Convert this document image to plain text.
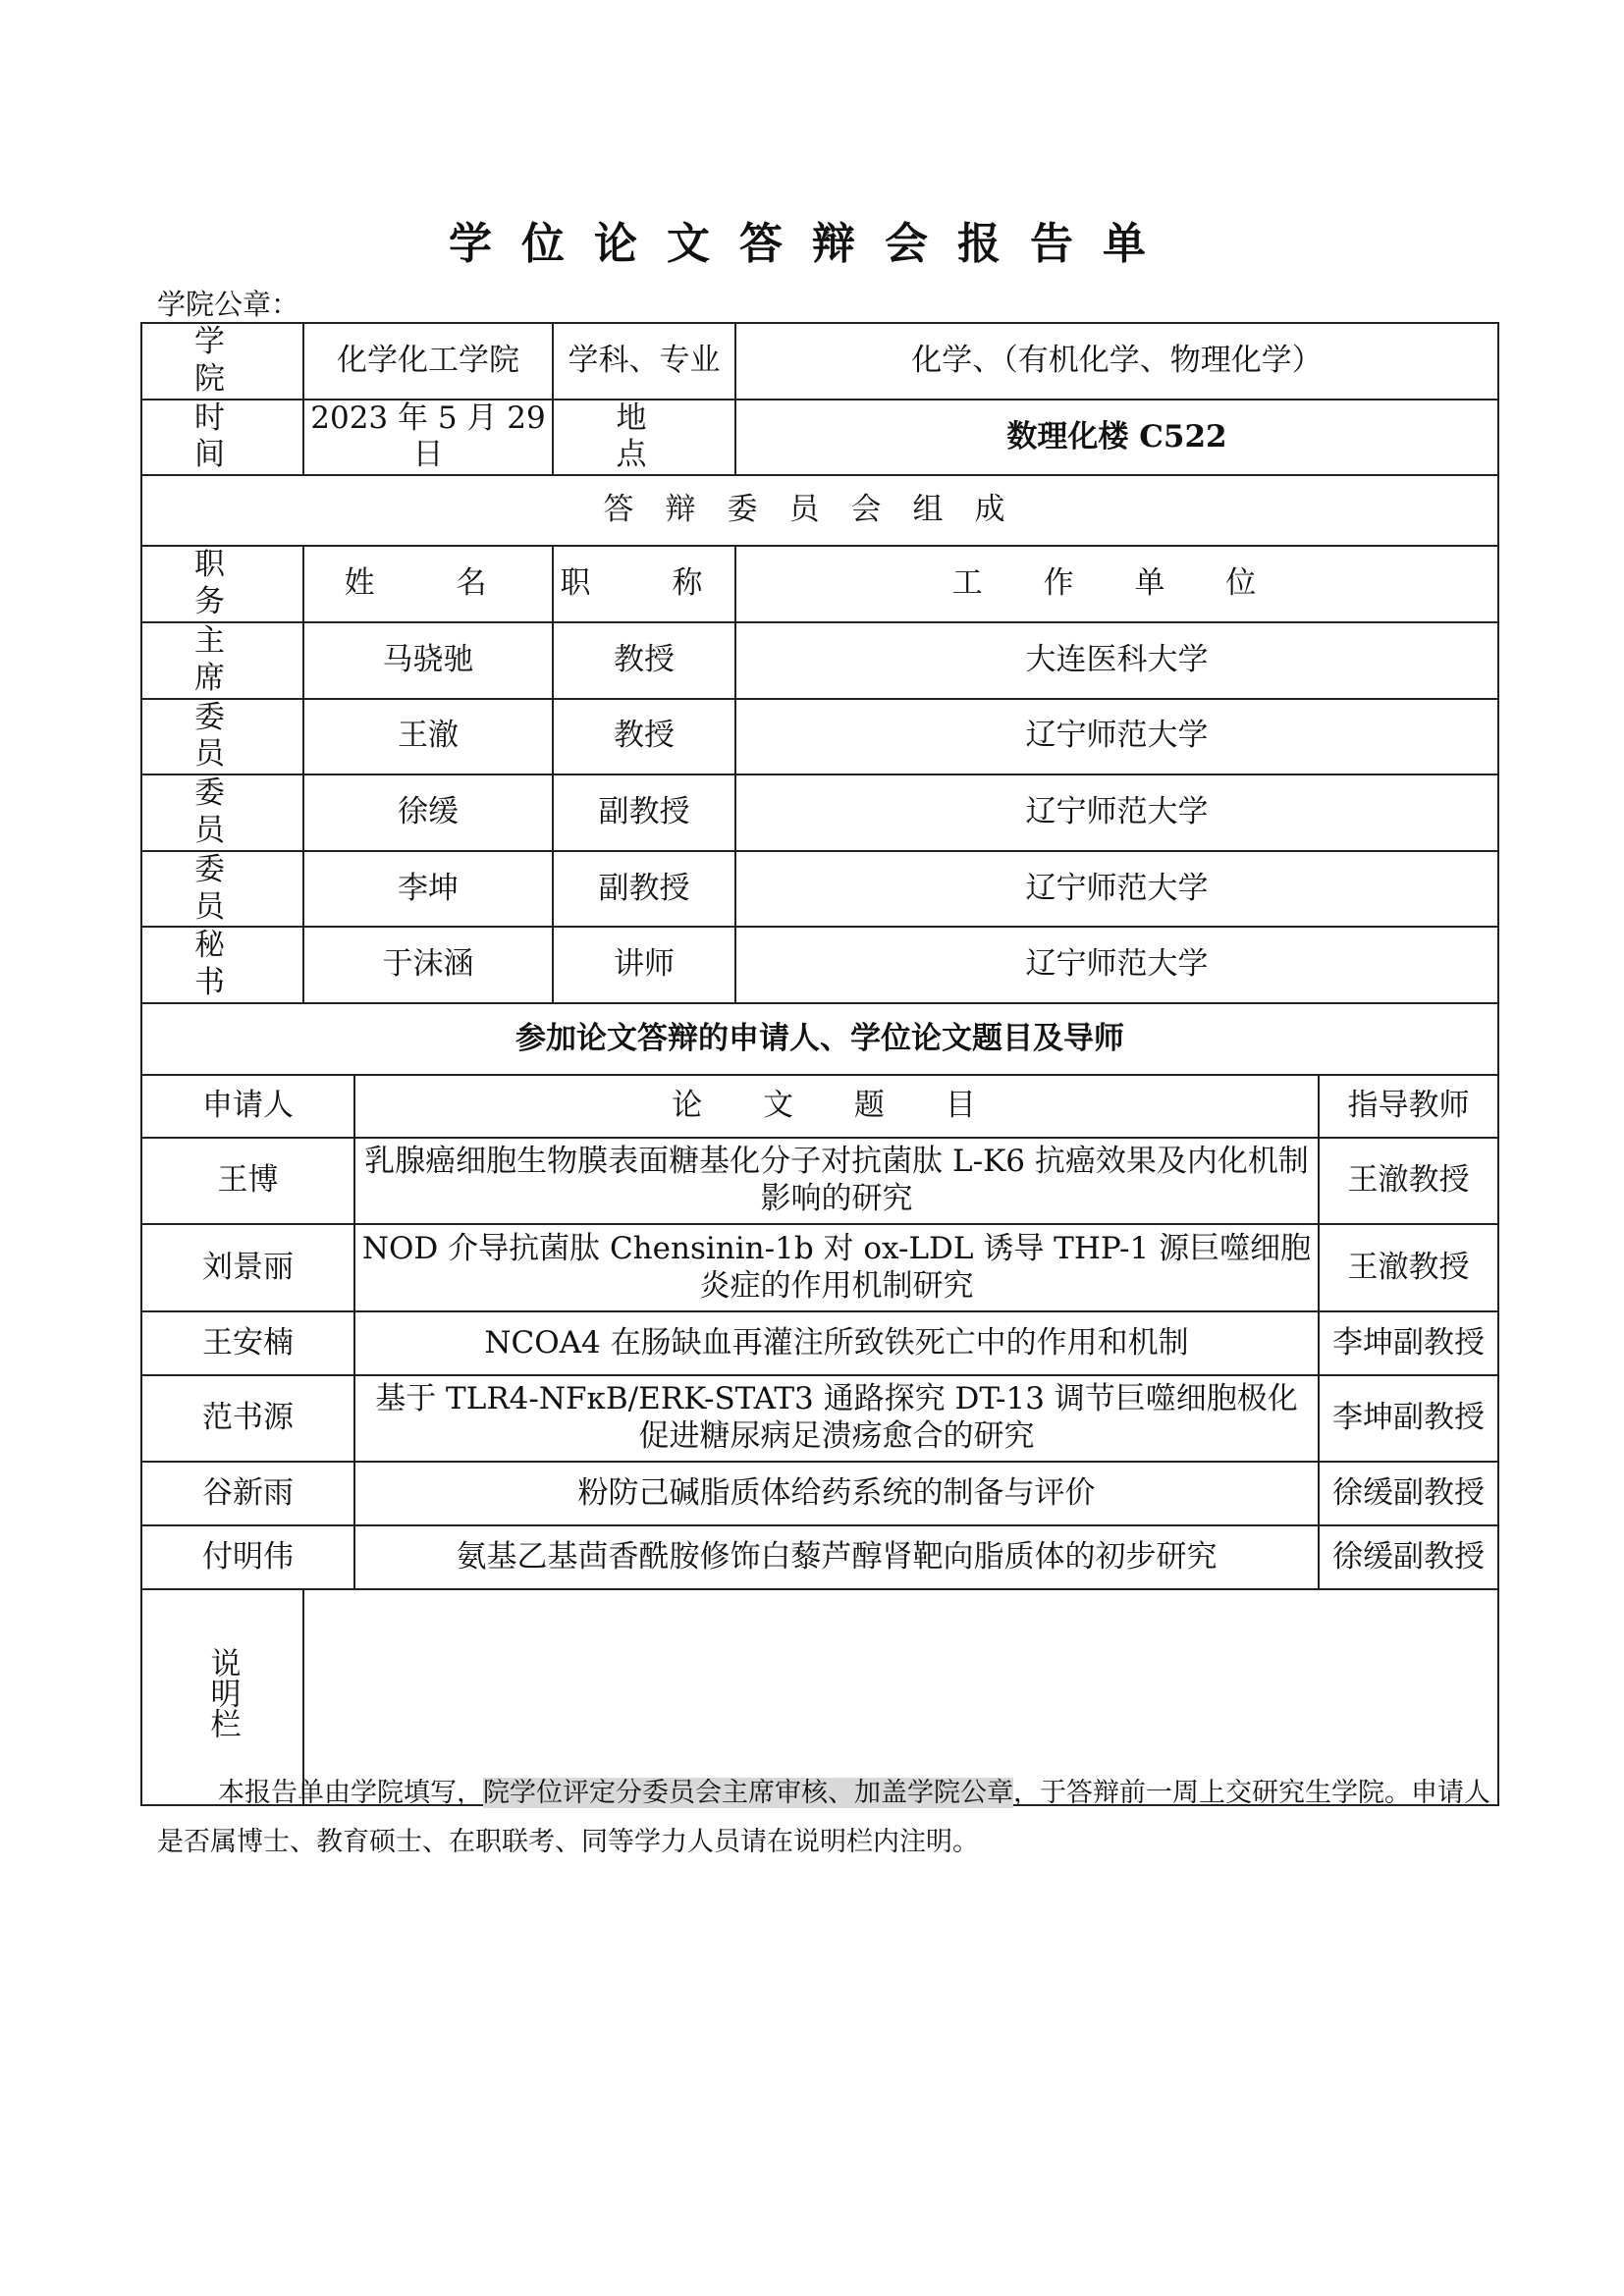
学位论文答辩会报告单
学院公章：
学　院	化学化工学院		学科、专业	化学、（有机化学、物理化学）	
时　间	2023 年 5 月 29 日		地　　点	数理化楼 C522	
答辩委员会组成					
职　务	姓　名		职　称	工 作 单 位	
主　席	马骁驰		教授	大连医科大学	
委　员	王澈		教授	辽宁师范大学	
委　员	徐缓		副教授	辽宁师范大学	
委　员	李坤		副教授	辽宁师范大学	
秘　书	于沫涵		讲师	辽宁师范大学	
参加论文答辩的申请人、学位论文题目及导师					
申请人		论 文 题 目			指导教师
王博		乳腺癌细胞生物膜表面糖基化分子对抗菌肽 L-K6 抗癌效果及内化机制影响的研究			王澈教授
刘景丽		NOD 介导抗菌肽 Chensinin-1b 对 ox-LDL 诱导 THP-1 源巨噬细胞炎症的作用机制研究			王澈教授
王安楠		NCOA4 在肠缺血再灌注所致铁死亡中的作用和机制			李坤副教授
范书源		基于 TLR4-NFκB/ERK-STAT3 通路探究 DT-13 调节巨噬细胞极化促进糖尿病足溃疡愈合的研究			李坤副教授
谷新雨		粉防己碱脂质体给药系统的制备与评价			徐缓副教授
付明伟		氨基乙基茴香酰胺修饰白藜芦醇肾靶向脂质体的初步研究			徐缓副教授
说明栏					
本报告单由学院填写，院学位评定分委员会主席审核、加盖学院公章，于答辩前一周上交研究生学院。申请人是否属博士、教育硕士、在职联考、同等学力人员请在说明栏内注明。
